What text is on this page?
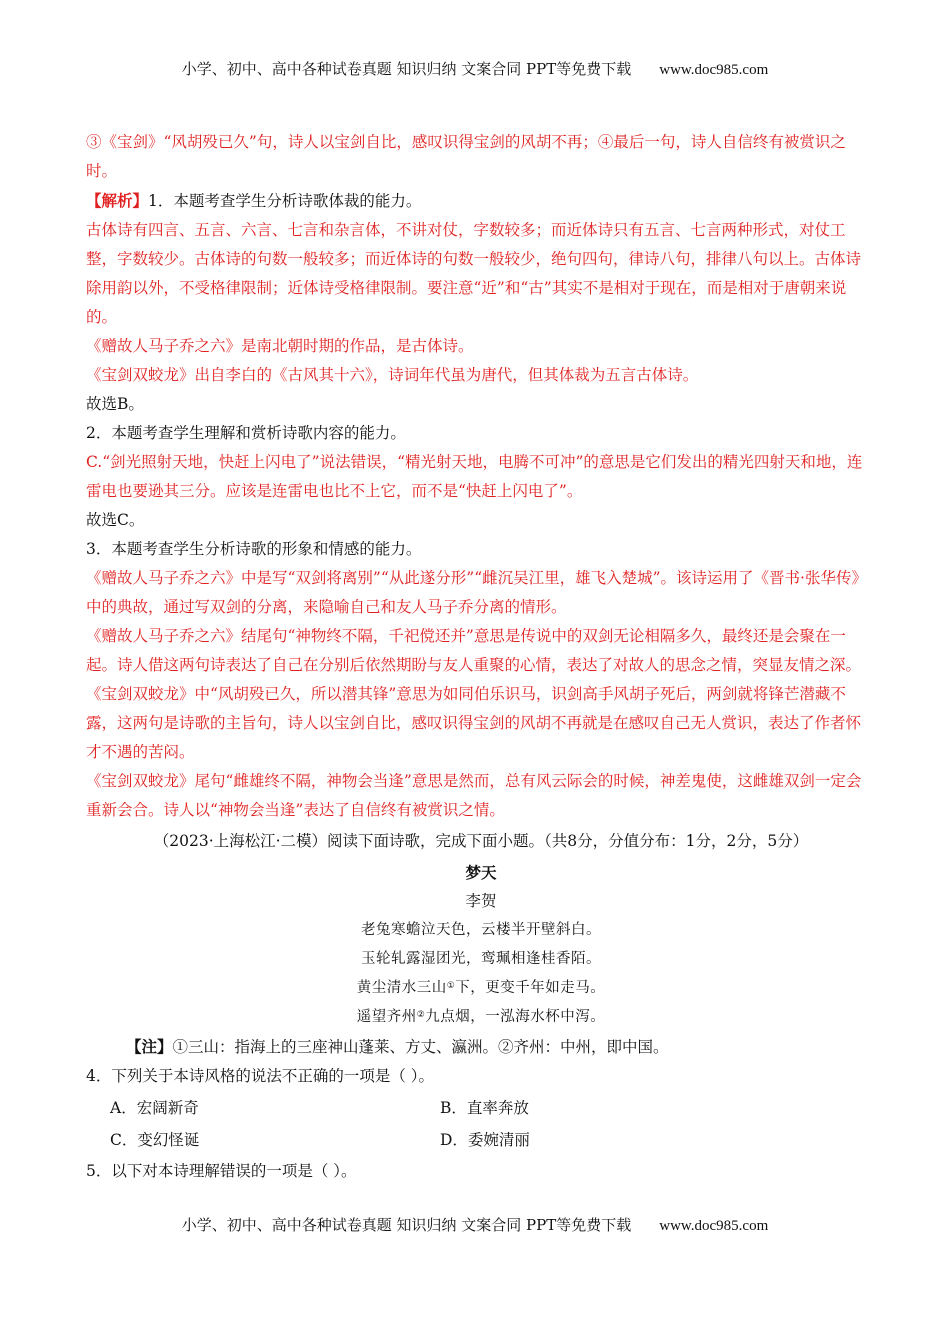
小学、初中、高中各种试卷真题 知识归纳 文案合同 PPT等免费下载 www.doc985.com

③《宝剑》“风胡殁已久”句，诗人以宝剑自比，感叹识得宝剑的风胡不再；④最后一句，诗人自信终有被赏识之时。

【解析】1．本题考查学生分析诗歌体裁的能力。

古体诗有四言、五言、六言、七言和杂言体，不讲对仗，字数较多；而近体诗只有五言、七言两种形式，对仗工整，字数较少。古体诗的句数一般较多；而近体诗的句数一般较少，绝句四句，律诗八句，排律八句以上。古体诗除用韵以外，不受格律限制；近体诗受格律限制。要注意“近”和“古”其实不是相对于现在，而是相对于唐朝来说的。

《赠故人马子乔之六》是南北朝时期的作品，是古体诗。

《宝剑双蛟龙》出自李白的《古风其十六》，诗词年代虽为唐代，但其体裁为五言古体诗。

故选B。

2．本题考查学生理解和赏析诗歌内容的能力。

C.“剑光照射天地，快赶上闪电了”说法错误，“精光射天地，电腾不可冲”的意思是它们发出的精光四射天和地，连雷电也要逊其三分。应该是连雷电也比不上它，而不是“快赶上闪电了”。

故选C。

3．本题考查学生分析诗歌的形象和情感的能力。

《赠故人马子乔之六》中是写“双剑将离别”“从此遂分形”“雌沉吴江里，雄飞入楚城”。该诗运用了《晋书·张华传》中的典故，通过写双剑的分离，来隐喻自己和友人马子乔分离的情形。

《赠故人马子乔之六》结尾句“神物终不隔，千祀傥还并”意思是传说中的双剑无论相隔多久，最终还是会聚在一起。诗人借这两句诗表达了自己在分别后依然期盼与友人重聚的心情，表达了对故人的思念之情，突显友情之深。

《宝剑双蛟龙》中“风胡殁已久，所以潜其锋”意思为如同伯乐识马，识剑高手风胡子死后，两剑就将锋芒潜藏不露，这两句是诗歌的主旨句，诗人以宝剑自比，感叹识得宝剑的风胡不再就是在感叹自己无人赏识，表达了作者怀才不遇的苦闷。

《宝剑双蛟龙》尾句“雌雄终不隔，神物会当逢”意思是然而，总有风云际会的时候，神差鬼使，这雌雄双剑一定会重新会合。诗人以“神物会当逢”表达了自信终有被赏识之情。

（2023·上海松江·二模）阅读下面诗歌，完成下面小题。（共8分，分值分布：1分，2分，5分）

梦天

李贺

老兔寒蟾泣天色，云楼半开壁斜白。

玉轮轧露湿团光，鸾珮相逢桂香陌。

黄尘清水三山①下，更变千年如走马。

遥望齐州②九点烟，一泓海水杯中泻。

【注】①三山：指海上的三座神山蓬莱、方丈、瀛洲。②齐州：中州，即中国。

4．下列关于本诗风格的说法不正确的一项是（ ）。

A．宏阔新奇	B．直率奔放
C．变幻怪诞	D．委婉清丽

5．以下对本诗理解错误的一项是（ ）。

小学、初中、高中各种试卷真题 知识归纳 文案合同 PPT等免费下载 www.doc985.com
